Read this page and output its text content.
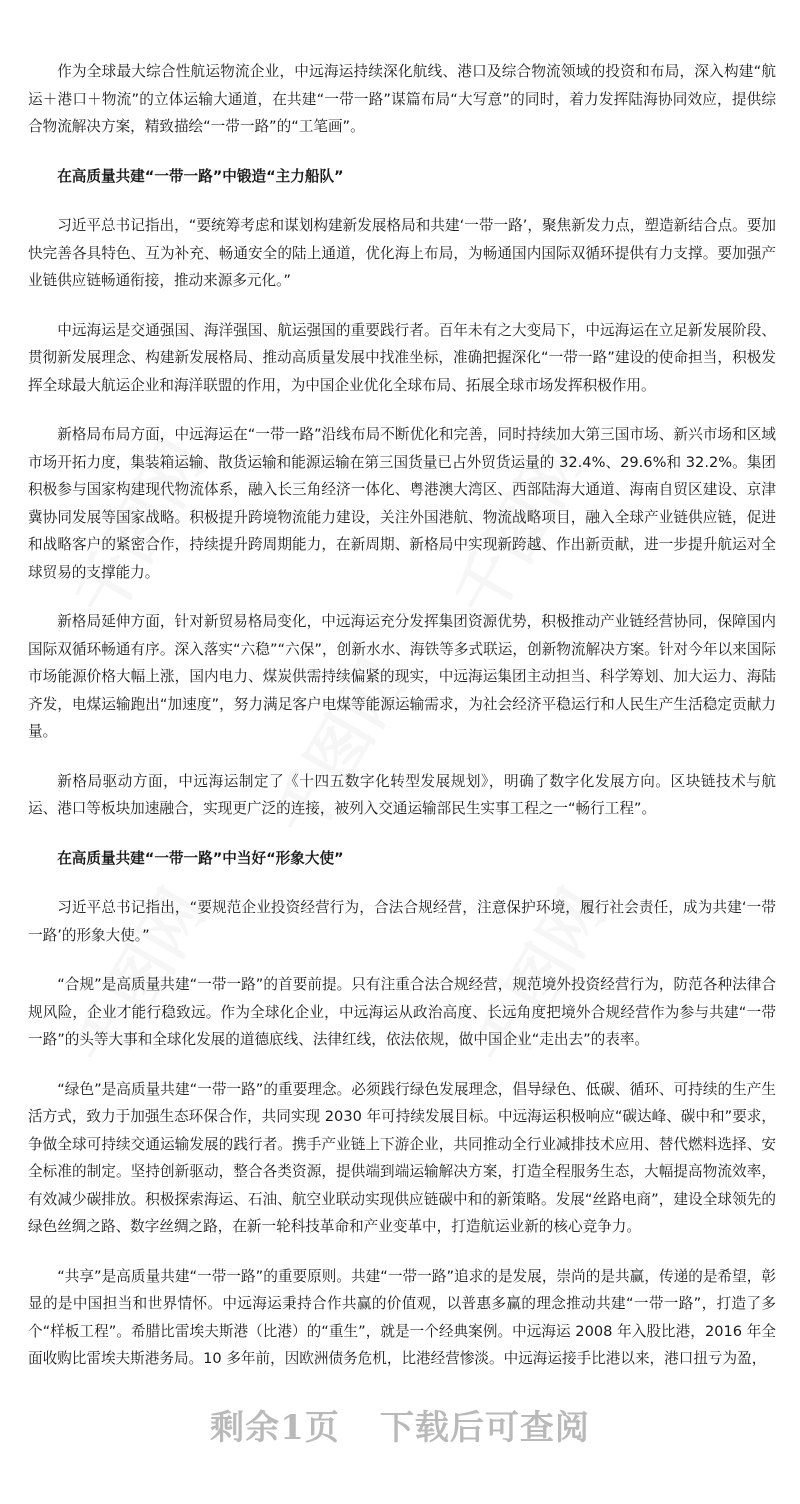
作为全球最大综合性航运物流企业，中远海运持续深化航线、港口及综合物流领域的投资和布局，深入构建“航运＋港口＋物流”的立体运输大通道，在共建“一带一路”谋篇布局“大写意”的同时，着力发挥陆海协同效应，提供综合物流解决方案，精致描绘“一带一路”的“工笔画”。

在高质量共建“一带一路”中锻造“主力船队”

习近平总书记指出，“要统筹考虑和谋划构建新发展格局和共建‘一带一路’，聚焦新发力点，塑造新结合点。要加快完善各具特色、互为补充、畅通安全的陆上通道，优化海上布局，为畅通国内国际双循环提供有力支撑。要加强产业链供应链畅通衔接，推动来源多元化。”

中远海运是交通强国、海洋强国、航运强国的重要践行者。百年未有之大变局下，中远海运在立足新发展阶段、贯彻新发展理念、构建新发展格局、推动高质量发展中找准坐标，准确把握深化“一带一路”建设的使命担当，积极发挥全球最大航运企业和海洋联盟的作用，为中国企业优化全球布局、拓展全球市场发挥积极作用。

新格局布局方面，中远海运在“一带一路”沿线布局不断优化和完善，同时持续加大第三国市场、新兴市场和区域市场开拓力度，集装箱运输、散货运输和能源运输在第三国货量已占外贸货运量的 32.4%、29.6%和 32.2%。集团积极参与国家构建现代物流体系，融入长三角经济一体化、粤港澳大湾区、西部陆海大通道、海南自贸区建设、京津冀协同发展等国家战略。积极提升跨境物流能力建设，关注外国港航、物流战略项目，融入全球产业链供应链，促进和战略客户的紧密合作，持续提升跨周期能力，在新周期、新格局中实现新跨越、作出新贡献，进一步提升航运对全球贸易的支撑能力。

新格局延伸方面，针对新贸易格局变化，中远海运充分发挥集团资源优势，积极推动产业链经营协同，保障国内国际双循环畅通有序。深入落实“六稳”“六保”，创新水水、海铁等多式联运，创新物流解决方案。针对今年以来国际市场能源价格大幅上涨，国内电力、煤炭供需持续偏紧的现实，中远海运集团主动担当、科学筹划、加大运力、海陆齐发，电煤运输跑出“加速度”，努力满足客户电煤等能源运输需求，为社会经济平稳运行和人民生产生活稳定贡献力量。

新格局驱动方面，中远海运制定了《十四五数字化转型发展规划》，明确了数字化发展方向。区块链技术与航运、港口等板块加速融合，实现更广泛的连接，被列入交通运输部民生实事工程之一“畅行工程”。

在高质量共建“一带一路”中当好“形象大使”

习近平总书记指出，“要规范企业投资经营行为，合法合规经营，注意保护环境，履行社会责任，成为共建‘一带一路’的形象大使。”

“合规”是高质量共建“一带一路”的首要前提。只有注重合法合规经营，规范境外投资经营行为，防范各种法律合规风险，企业才能行稳致远。作为全球化企业，中远海运从政治高度、长远角度把境外合规经营作为参与共建“一带一路”的头等大事和全球化发展的道德底线、法律红线，依法依规，做中国企业“走出去”的表率。

“绿色”是高质量共建“一带一路”的重要理念。必须践行绿色发展理念，倡导绿色、低碳、循环、可持续的生产生活方式，致力于加强生态环保合作，共同实现 2030 年可持续发展目标。中远海运积极响应“碳达峰、碳中和”要求，争做全球可持续交通运输发展的践行者。携手产业链上下游企业，共同推动全行业减排技术应用、替代燃料选择、安全标准的制定。坚持创新驱动，整合各类资源，提供端到端运输解决方案，打造全程服务生态，大幅提高物流效率，有效减少碳排放。积极探索海运、石油、航空业联动实现供应链碳中和的新策略。发展“丝路电商”，建设全球领先的绿色丝绸之路、数字丝绸之路，在新一轮科技革命和产业变革中，打造航运业新的核心竞争力。

“共享”是高质量共建“一带一路”的重要原则。共建“一带一路”追求的是发展，崇尚的是共赢，传递的是希望，彰显的是中国担当和世界情怀。中远海运秉持合作共赢的价值观，以普惠多赢的理念推动共建“一带一路”，打造了多个“样板工程”。希腊比雷埃夫斯港（比港）的“重生”，就是一个经典案例。中远海运 2008 年入股比港，2016 年全面收购比雷埃夫斯港务局。10 多年前，因欧洲债务危机，比港经营惨淡。中远海运接手比港以来，港口扭亏为盈，

剩余1页 下载后可查阅
